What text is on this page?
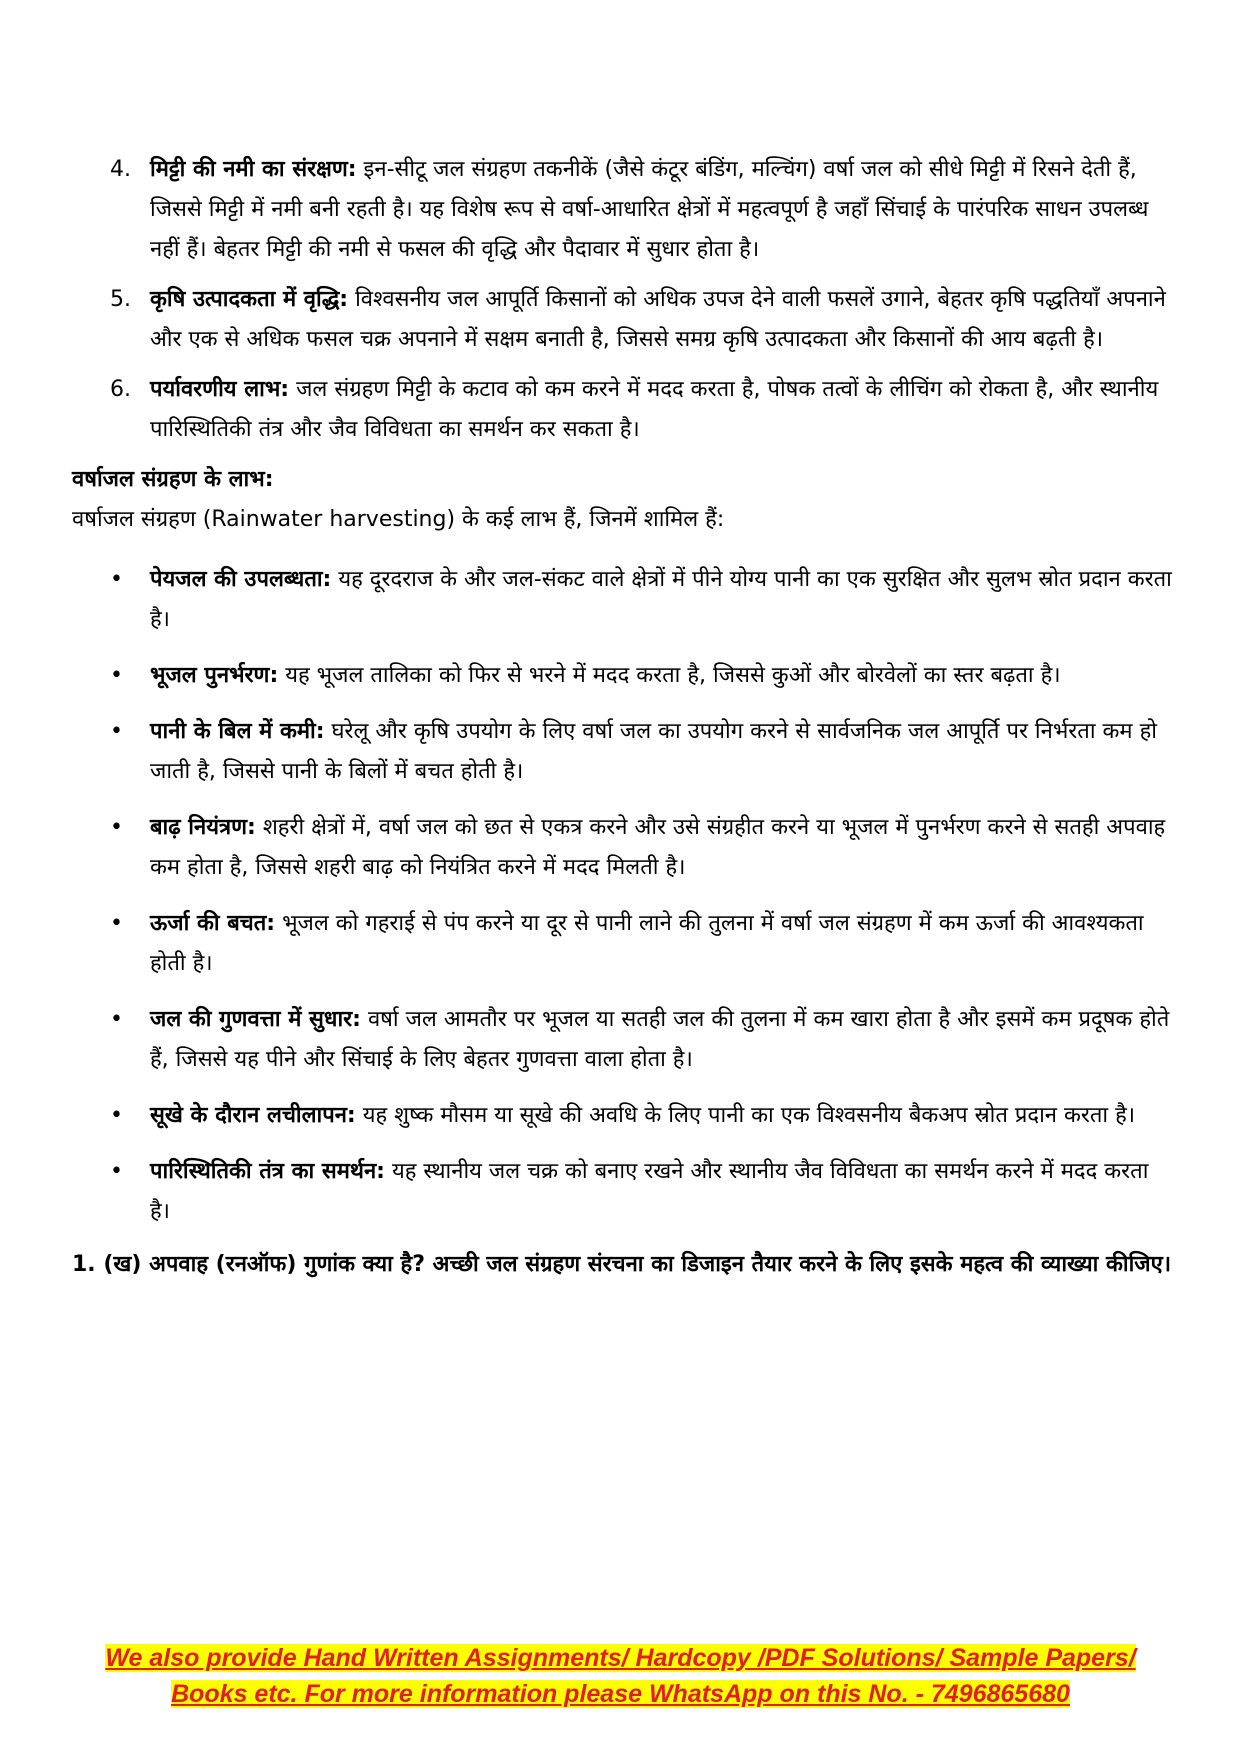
4. मिट्टी की नमी का संरक्षण: इन-सीटू जल संग्रहण तकनीकें (जैसे कंटूर बंडिंग, मल्चिंग) वर्षा जल को सीधे मिट्टी में रिसने देती हैं, जिससे मिट्टी में नमी बनी रहती है। यह विशेष रूप से वर्षा-आधारित क्षेत्रों में महत्वपूर्ण है जहाँ सिंचाई के पारंपरिक साधन उपलब्ध नहीं हैं। बेहतर मिट्टी की नमी से फसल की वृद्धि और पैदावार में सुधार होता है।
5. कृषि उत्पादकता में वृद्धि: विश्वसनीय जल आपूर्ति किसानों को अधिक उपज देने वाली फसलें उगाने, बेहतर कृषि पद्धतियाँ अपनाने और एक से अधिक फसल चक्र अपनाने में सक्षम बनाती है, जिससे समग्र कृषि उत्पादकता और किसानों की आय बढ़ती है।
6. पर्यावरणीय लाभ: जल संग्रहण मिट्टी के कटाव को कम करने में मदद करता है, पोषक तत्वों के लीचिंग को रोकता है, और स्थानीय पारिस्थितिकी तंत्र और जैव विविधता का समर्थन कर सकता है।
वर्षाजल संग्रहण के लाभ:
वर्षाजल संग्रहण (Rainwater harvesting) के कई लाभ हैं, जिनमें शामिल हैं:
• पेयजल की उपलब्धता: यह दूरदराज के और जल-संकट वाले क्षेत्रों में पीने योग्य पानी का एक सुरक्षित और सुलभ स्रोत प्रदान करता है।
• भूजल पुनर्भरण: यह भूजल तालिका को फिर से भरने में मदद करता है, जिससे कुओं और बोरवेलों का स्तर बढ़ता है।
• पानी के बिल में कमी: घरेलू और कृषि उपयोग के लिए वर्षा जल का उपयोग करने से सार्वजनिक जल आपूर्ति पर निर्भरता कम हो जाती है, जिससे पानी के बिलों में बचत होती है।
• बाढ़ नियंत्रण: शहरी क्षेत्रों में, वर्षा जल को छत से एकत्र करने और उसे संग्रहीत करने या भूजल में पुनर्भरण करने से सतही अपवाह कम होता है, जिससे शहरी बाढ़ को नियंत्रित करने में मदद मिलती है।
• ऊर्जा की बचत: भूजल को गहराई से पंप करने या दूर से पानी लाने की तुलना में वर्षा जल संग्रहण में कम ऊर्जा की आवश्यकता होती है।
• जल की गुणवत्ता में सुधार: वर्षा जल आमतौर पर भूजल या सतही जल की तुलना में कम खारा होता है और इसमें कम प्रदूषक होते हैं, जिससे यह पीने और सिंचाई के लिए बेहतर गुणवत्ता वाला होता है।
• सूखे के दौरान लचीलापन: यह शुष्क मौसम या सूखे की अवधि के लिए पानी का एक विश्वसनीय बैकअप स्रोत प्रदान करता है।
• पारिस्थितिकी तंत्र का समर्थन: यह स्थानीय जल चक्र को बनाए रखने और स्थानीय जैव विविधता का समर्थन करने में मदद करता है।
1. (ख) अपवाह (रनऑफ) गुणांक क्या है? अच्छी जल संग्रहण संरचना का डिजाइन तैयार करने के लिए इसके महत्व की व्याख्या कीजिए।
We also provide Hand Written Assignments/ Hardcopy /PDF Solutions/ Sample Papers/
Books etc. For more information please WhatsApp on this No. - 7496865680
